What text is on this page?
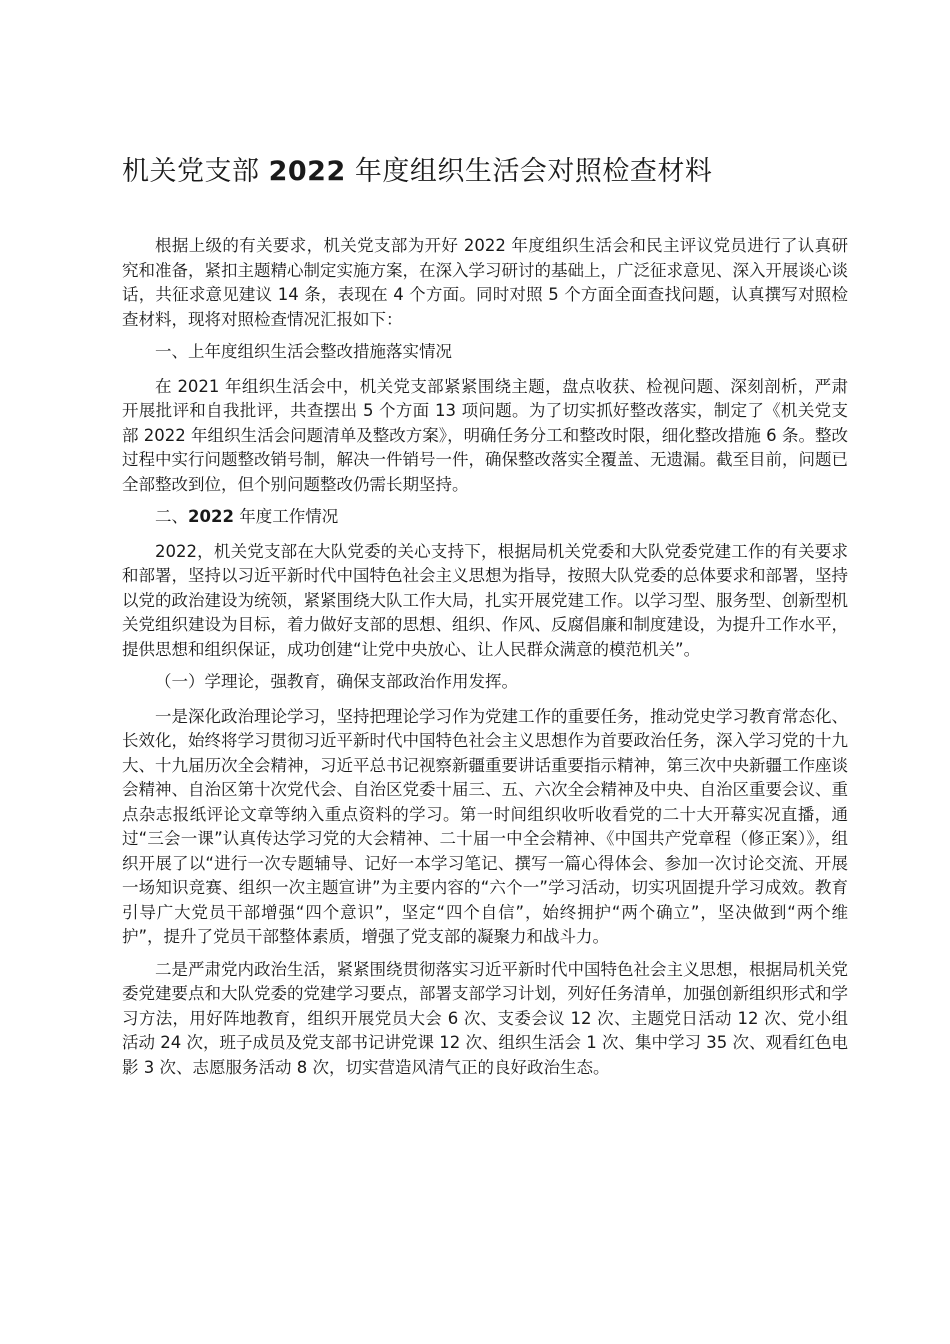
机关党支部 2022 年度组织生活会对照检查材料

根据上级的有关要求，机关党支部为开好 2022 年度组织生活会和民主评议党员进行了认真研究和准备，紧扣主题精心制定实施方案，在深入学习研讨的基础上，广泛征求意见、深入开展谈心谈话，共征求意见建议 14 条，表现在 4 个方面。同时对照 5 个方面全面查找问题，认真撰写对照检查材料，现将对照检查情况汇报如下：

一、上年度组织生活会整改措施落实情况

在 2021 年组织生活会中，机关党支部紧紧围绕主题，盘点收获、检视问题、深刻剖析，严肃开展批评和自我批评，共查摆出 5 个方面 13 项问题。为了切实抓好整改落实，制定了《机关党支部 2022 年组织生活会问题清单及整改方案》，明确任务分工和整改时限，细化整改措施 6 条。整改过程中实行问题整改销号制，解决一件销号一件，确保整改落实全覆盖、无遗漏。截至目前，问题已全部整改到位，但个别问题整改仍需长期坚持。

二、2022 年度工作情况

2022，机关党支部在大队党委的关心支持下，根据局机关党委和大队党委党建工作的有关要求和部署，坚持以习近平新时代中国特色社会主义思想为指导，按照大队党委的总体要求和部署，坚持以党的政治建设为统领，紧紧围绕大队工作大局，扎实开展党建工作。以学习型、服务型、创新型机关党组织建设为目标，着力做好支部的思想、组织、作风、反腐倡廉和制度建设，为提升工作水平，提供思想和组织保证，成功创建“让党中央放心、让人民群众满意的模范机关”。

（一）学理论，强教育，确保支部政治作用发挥。

一是深化政治理论学习，坚持把理论学习作为党建工作的重要任务，推动党史学习教育常态化、长效化，始终将学习贯彻习近平新时代中国特色社会主义思想作为首要政治任务，深入学习党的十九大、十九届历次全会精神，习近平总书记视察新疆重要讲话重要指示精神，第三次中央新疆工作座谈会精神、自治区第十次党代会、自治区党委十届三、五、六次全会精神及中央、自治区重要会议、重点杂志报纸评论文章等纳入重点资料的学习。第一时间组织收听收看党的二十大开幕实况直播，通过“三会一课”认真传达学习党的大会精神、二十届一中全会精神、《中国共产党章程（修正案）》，组织开展了以“进行一次专题辅导、记好一本学习笔记、撰写一篇心得体会、参加一次讨论交流、开展一场知识竞赛、组织一次主题宣讲”为主要内容的“六个一”学习活动，切实巩固提升学习成效。教育引导广大党员干部增强“四个意识”，坚定“四个自信”，始终拥护“两个确立”，坚决做到“两个维护”，提升了党员干部整体素质，增强了党支部的凝聚力和战斗力。

二是严肃党内政治生活，紧紧围绕贯彻落实习近平新时代中国特色社会主义思想，根据局机关党委党建要点和大队党委的党建学习要点，部署支部学习计划，列好任务清单，加强创新组织形式和学习方法，用好阵地教育，组织开展党员大会 6 次、支委会议 12 次、主题党日活动 12 次、党小组活动 24 次，班子成员及党支部书记讲党课 12 次、组织生活会 1 次、集中学习 35 次、观看红色电影 3 次、志愿服务活动 8 次，切实营造风清气正的良好政治生态。
